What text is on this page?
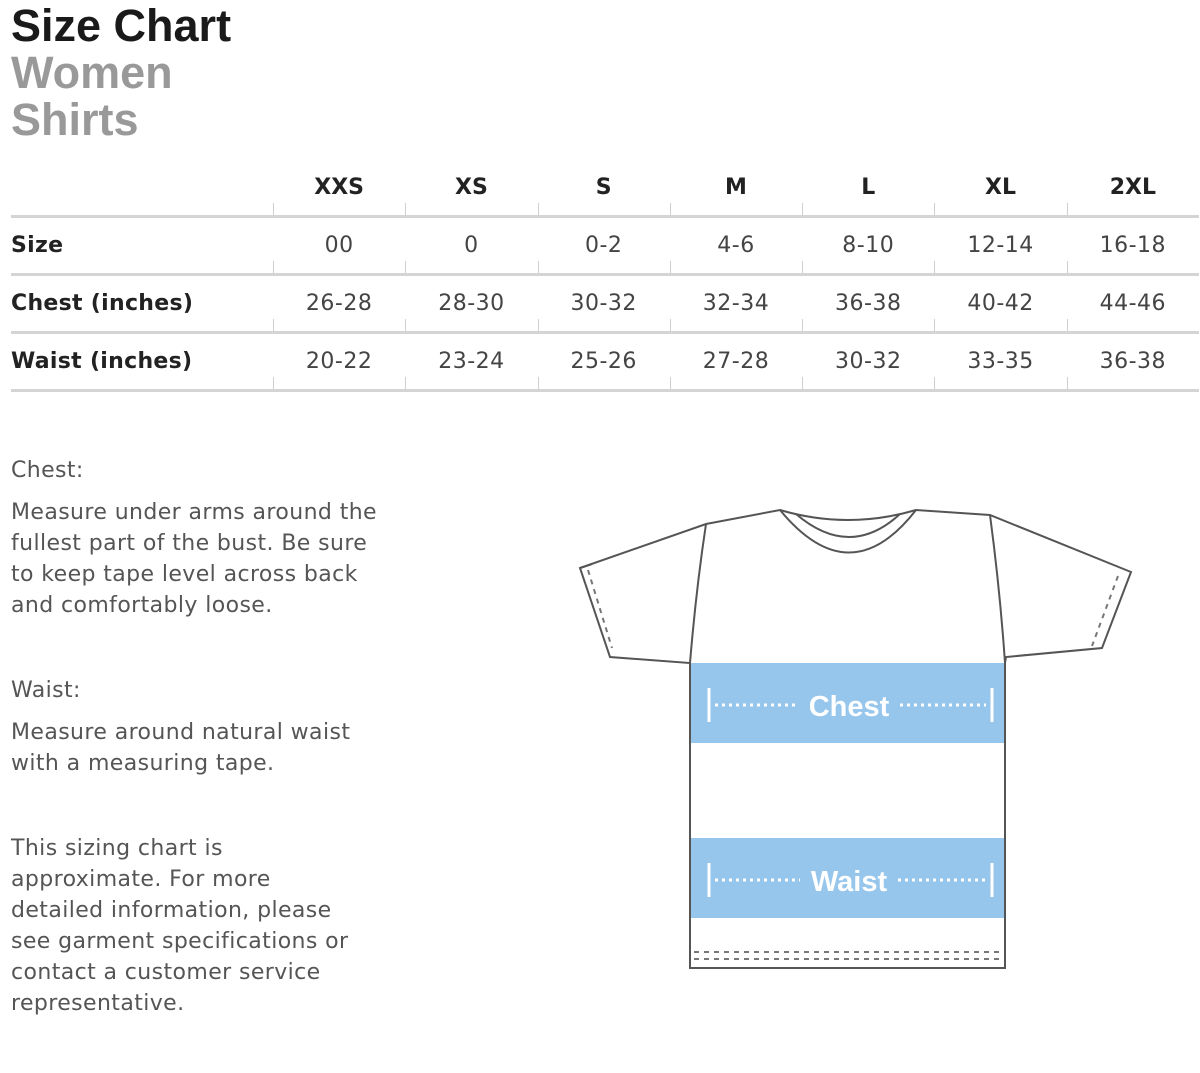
Size Chart
Women
Shirts
	XXS	XS	S	M	L	XL	2XL
Size	00	0	0-2	4-6	8-10	12-14	16-18
Chest (inches)	26-28	28-30	30-32	32-34	36-38	40-42	44-46
Waist (inches)	20-22	23-24	25-26	27-28	30-32	33-35	36-38
Chest:
Measure under arms around the
fullest part of the bust. Be sure
to keep tape level across back
and comfortably loose.
Waist:
Measure around natural waist
with a measuring tape.
This sizing chart is
approximate. For more
detailed information, please
see garment specifications or
contact a customer service
representative.
Chest
Waist
